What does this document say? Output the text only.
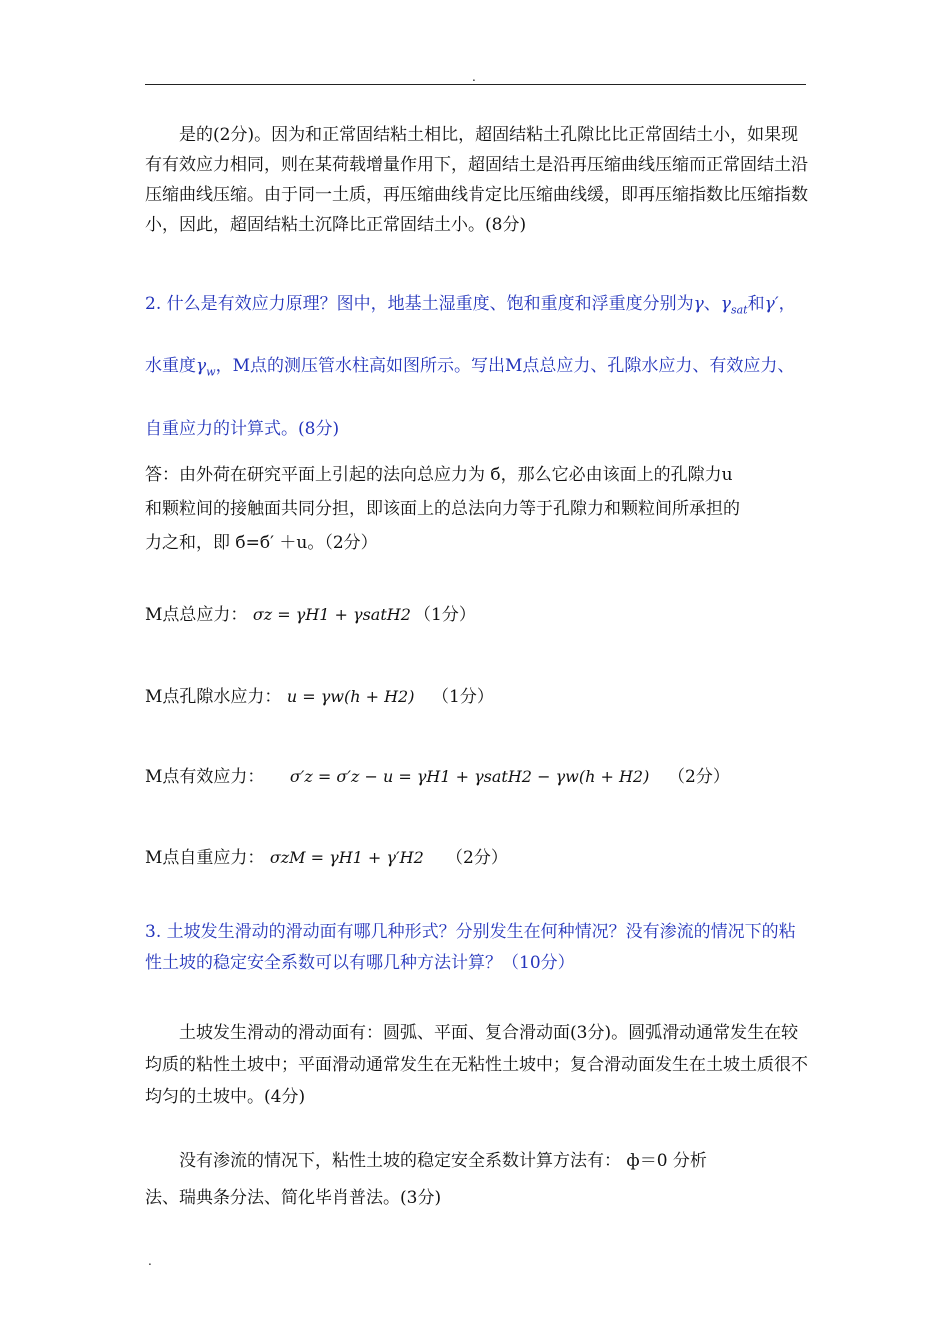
.

是的(2分)。因为和正常固结粘土相比，超固结粘土孔隙比比正常固结土小，如果现有有效应力相同，则在某荷载增量作用下，超固结土是沿再压缩曲线压缩而正常固结土沿压缩曲线压缩。由于同一土质，再压缩曲线肯定比压缩曲线缓，即再压缩指数比压缩指数小，因此，超固结粘土沉降比正常固结土小。(8分)

2. 什么是有效应力原理？图中，地基土湿重度、饱和重度和浮重度分别为γ、$\gamma_{sat}$和γ′，水重度$\gamma_w$，M点的测压管水柱高如图所示。写出M点总应力、孔隙水应力、有效应力、自重应力的计算式。(8分)

答：由外荷在研究平面上引起的法向总应力为 б，那么它必由该面上的孔隙力u和颗粒间的接触面共同分担，即该面上的总法向力等于孔隙力和颗粒间所承担的力之和，即 б=б′ ＋u。（2分）

M点总应力： σz = γH1 + γsatH2 （1分）
M点孔隙水应力： u = γw(h + H2) （1分）
M点有效应力： σ′z = σ′z − u = γH1 + γsatH2 − γw(h + H2) （2分）
M点自重应力： σzM = γH1 + γ′H2 （2分）

3. 土坡发生滑动的滑动面有哪几种形式？分别发生在何种情况？没有渗流的情况下的粘性土坡的稳定安全系数可以有哪几种方法计算？（10分）

土坡发生滑动的滑动面有：圆弧、平面、复合滑动面(3分)。圆弧滑动通常发生在较均质的粘性土坡中；平面滑动通常发生在无粘性土坡中；复合滑动面发生在土坡土质很不均匀的土坡中。(4分)

没有渗流的情况下，粘性土坡的稳定安全系数计算方法有： ф＝0 分析法、瑞典条分法、简化毕肖普法。(3分)

.
